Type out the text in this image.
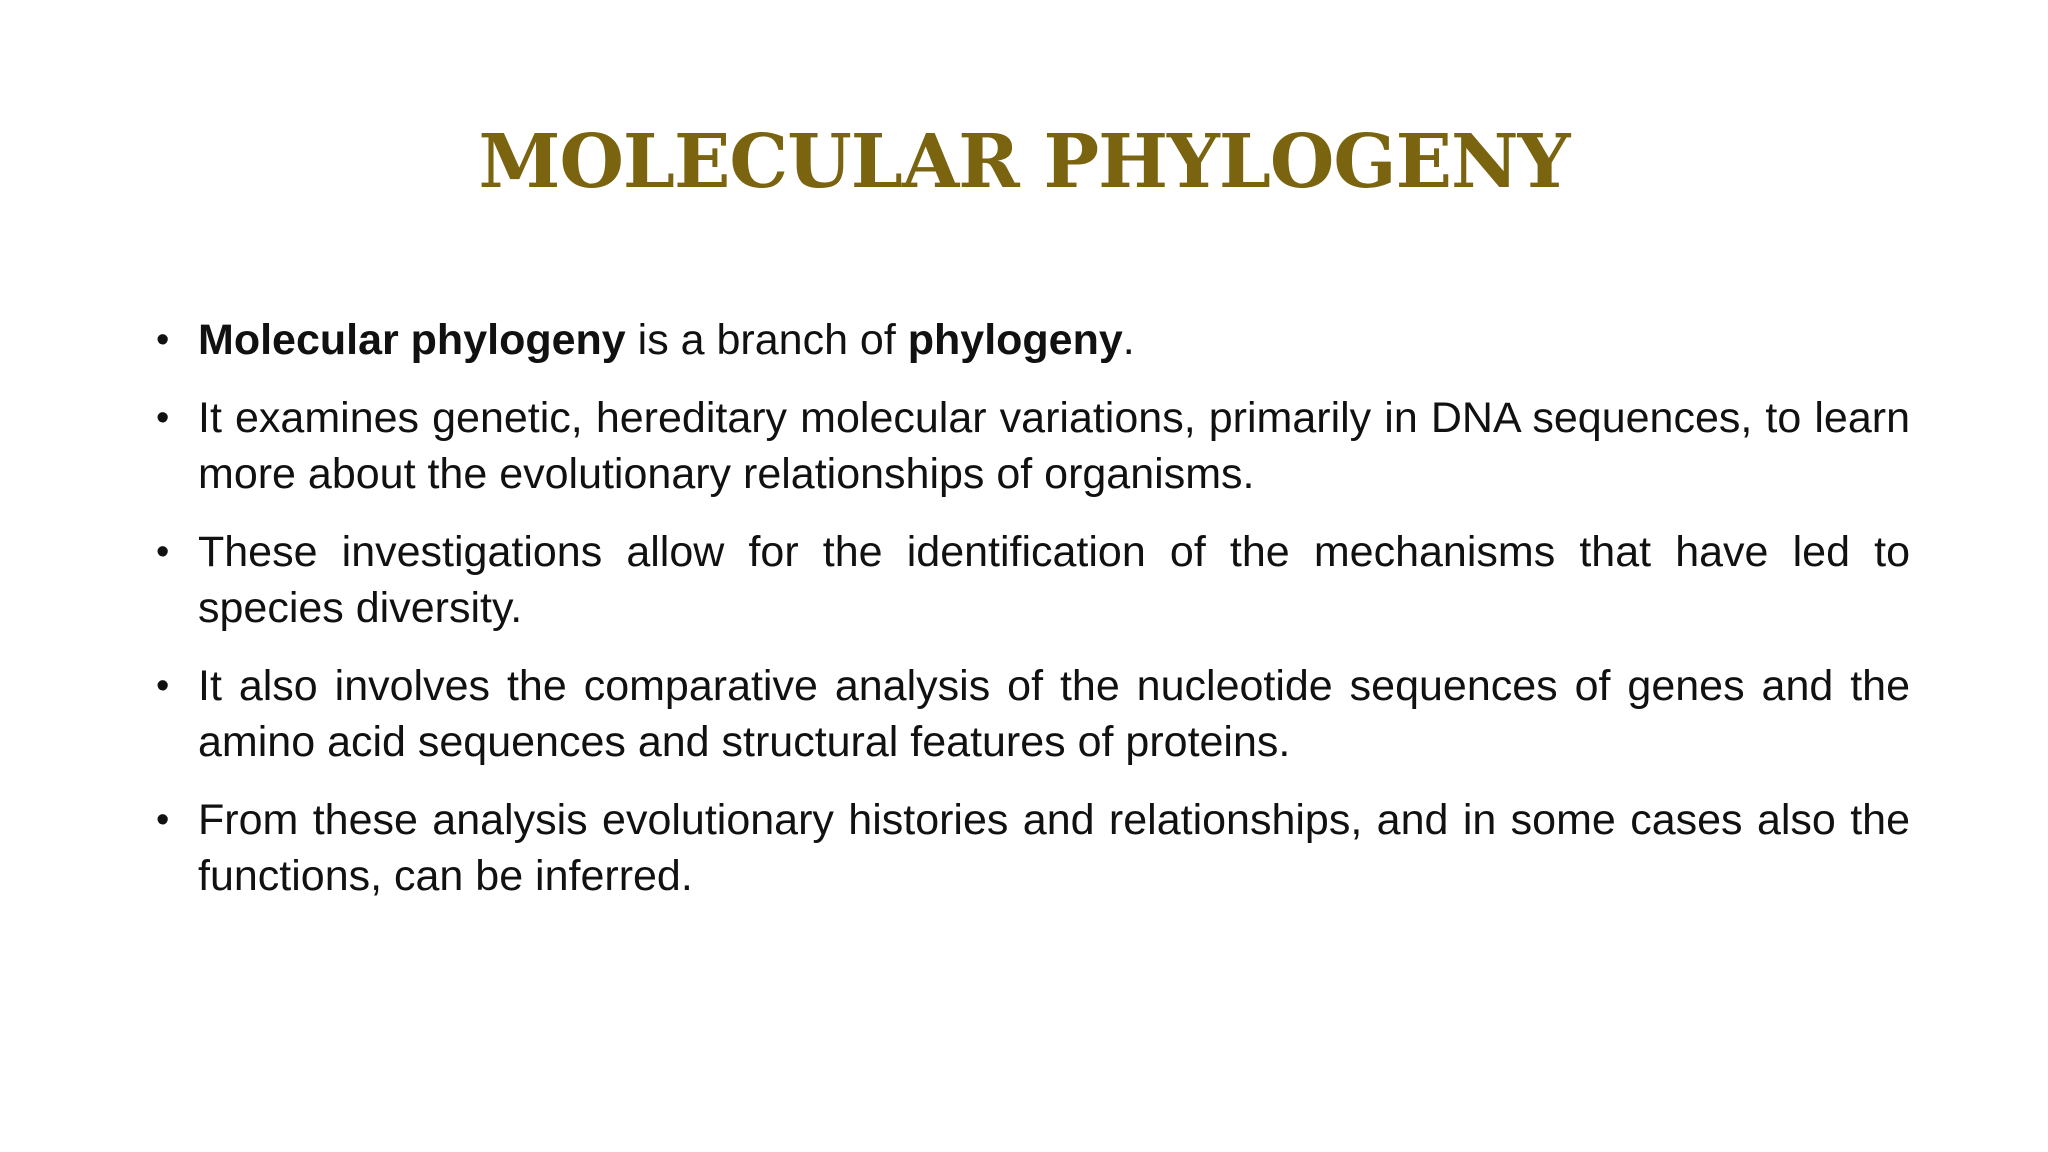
MOLECULAR PHYLOGENY
• Molecular phylogeny is a branch of phylogeny.
• It examines genetic, hereditary molecular variations, primarily in DNA sequences, to learn more about the evolutionary relationships of organisms.
• These investigations allow for the identification of the mechanisms that have led to species diversity.
• It also involves the comparative analysis of the nucleotide sequences of genes and the amino acid sequences and structural features of proteins.
• From these analysis evolutionary histories and relationships, and in some cases also the functions, can be inferred.
